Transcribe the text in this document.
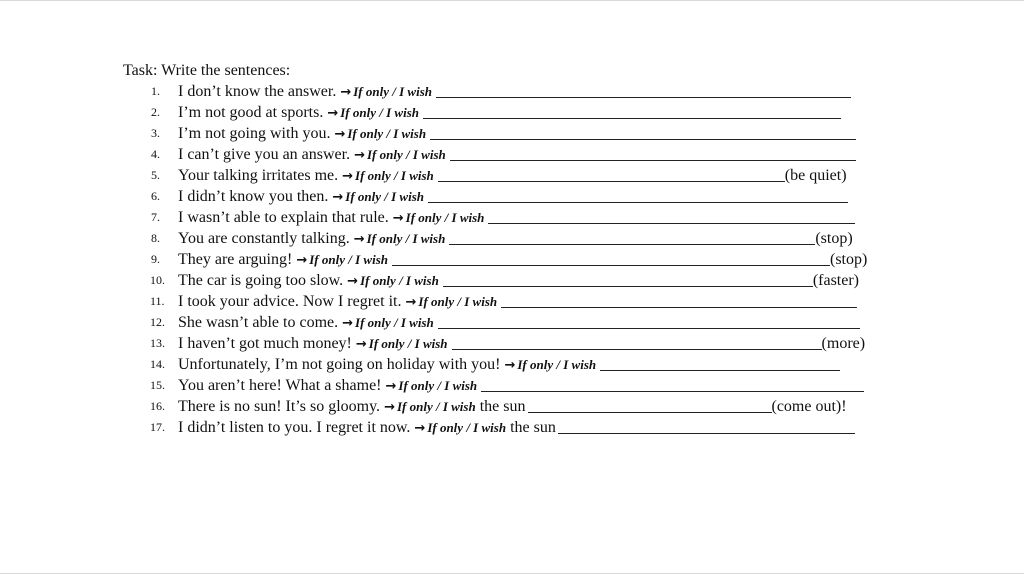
Task: Write the sentences:
1.	I don’t know the answer. → If only / I wish
2.	I’m not good at sports. → If only / I wish
3.	I’m not going with you. → If only / I wish
4.	I can’t give you an answer. → If only / I wish
5.	Your talking irritates me. → If only / I wish	(be quiet)
6.	I didn’t know you then. → If only / I wish
7.	I wasn’t able to explain that rule. → If only / I wish
8.	You are constantly talking. → If only / I wish	(stop)
9.	They are arguing! → If only / I wish	(stop)
10. The car is going too slow. → If only / I wish	(faster)
11. I took your advice. Now I regret it. → If only / I wish
12. She wasn’t able to come. → If only / I wish
13. I haven’t got much money! → If only / I wish	(more)
14. Unfortunately, I’m not going on holiday with you! → If only / I wish
15. You aren’t here! What a shame! → If only / I wish
16. There is no sun! It’s so gloomy. → If only / I wish the sun	(come out)!
17. I didn’t listen to you. I regret it now. → If only / I wish the sun
